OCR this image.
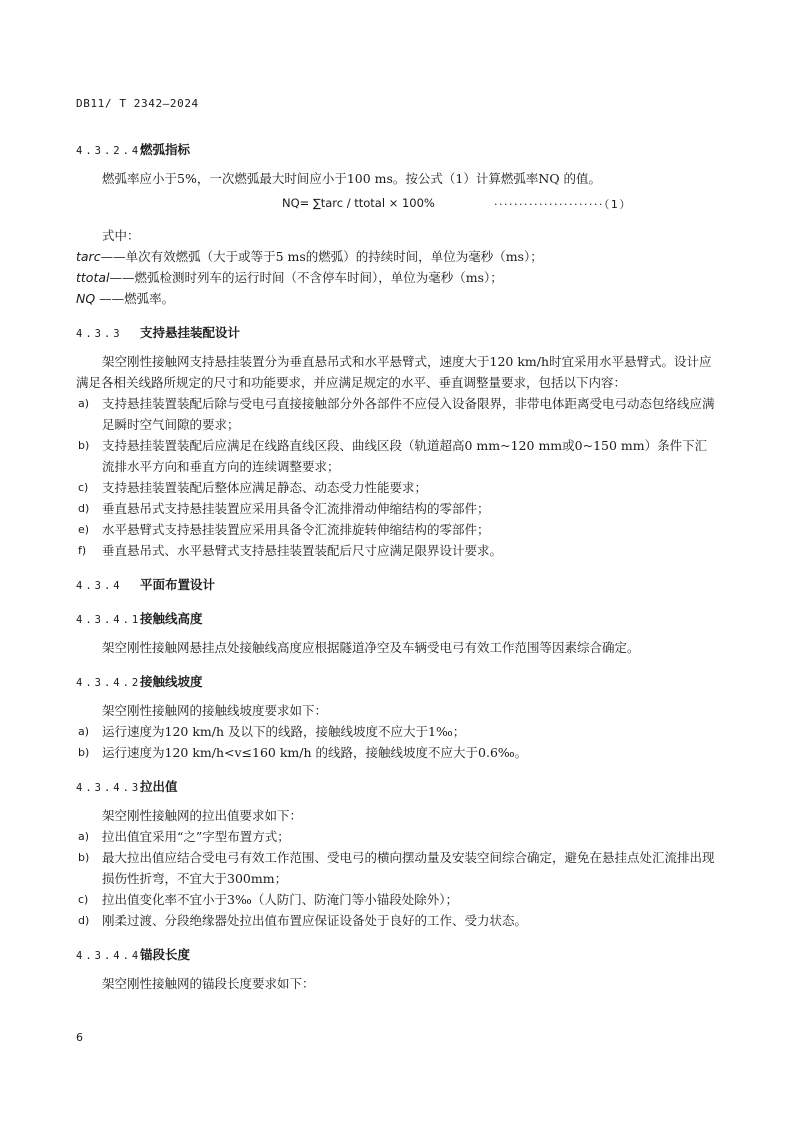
DB11/ T 2342—2024
4.3.2.4
燃弧指标

燃弧率应小于5%，一次燃弧最大时间应小于100 ms。按公式（1）计算燃弧率NQ 的值。

NQ= ∑tarc / ttotal × 100%	······················（1）

式中：

tarc——单次有效燃弧（大于或等于5 ms的燃弧）的持续时间，单位为毫秒（ms）；

ttotal——燃弧检测时列车的运行时间（不含停车时间），单位为毫秒（ms）；

NQ ——燃弧率。

4.3.3	支持悬挂装配设计

架空刚性接触网支持悬挂装置分为垂直悬吊式和水平悬臂式，速度大于120 km/h时宜采用水平悬臂式。设计应满足各相关线路所规定的尺寸和功能要求，并应满足规定的水平、垂直调整量要求，包括以下内容：

a)	支持悬挂装置装配后除与受电弓直接接触部分外各部件不应侵入设备限界，非带电体距离受电弓动态包络线应满足瞬时空气间隙的要求；
b)	支持悬挂装置装配后应满足在线路直线区段、曲线区段（轨道超高0 mm~120 mm或0~150 mm）条件下汇流排水平方向和垂直方向的连续调整要求；
c)	支持悬挂装置装配后整体应满足静态、动态受力性能要求；
d)	垂直悬吊式支持悬挂装置应采用具备令汇流排滑动伸缩结构的零部件；
e)	水平悬臂式支持悬挂装置应采用具备令汇流排旋转伸缩结构的零部件；
f)	垂直悬吊式、水平悬臂式支持悬挂装置装配后尺寸应满足限界设计要求。
4.3.4	平面布置设计
4.3.4.1
接触线高度

架空刚性接触网悬挂点处接触线高度应根据隧道净空及车辆受电弓有效工作范围等因素综合确定。

4.3.4.2
接触线坡度

架空刚性接触网的接触线坡度要求如下：

a)	运行速度为120 km/h 及以下的线路，接触线坡度不应大于1‰；
b)	运行速度为120 km/h<v≤160 km/h 的线路，接触线坡度不应大于0.6‰。
4.3.4.3
拉出值

架空刚性接触网的拉出值要求如下：

a)	拉出值宜采用“之”字型布置方式；
b)	最大拉出值应结合受电弓有效工作范围、受电弓的横向摆动量及安装空间综合确定，避免在悬挂点处汇流排出现损伤性折弯，不宜大于300mm；
c)	拉出值变化率不宜小于3‰（人防门、防淹门等小锚段处除外）；
d)	刚柔过渡、分段绝缘器处拉出值布置应保证设备处于良好的工作、受力状态。
4.3.4.4
锚段长度

架空刚性接触网的锚段长度要求如下：

6
